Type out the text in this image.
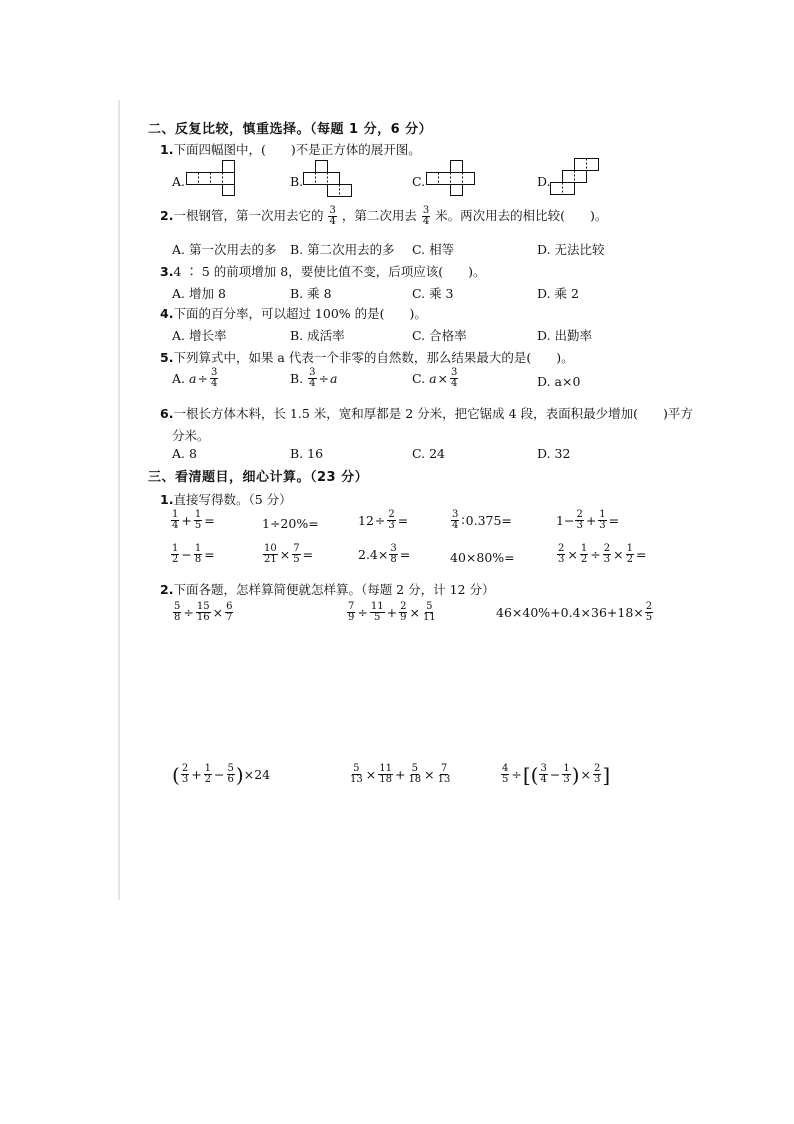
二、反复比较，慎重选择。（每题 1 分，6 分）
1.下面四幅图中，(　　)不是正方体的展开图。
A.	B.	C.	D.
2.一根钢管，第一次用去它的 $\frac{3}{4}$ ，第二次用去 $\frac{3}{4}$ 米。两次用去的相比较(　　)。
A. 第一次用去的多 B. 第二次用去的多 C. 相等	D. 无法比较
3.4 ∶ 5 的前项增加 8，要使比值不变，后项应该(　　)。
A. 增加 8	B. 乘 8	C. 乘 3	D. 乘 2
4.下面的百分率，可以超过 100% 的是(　　)。
A. 增长率	B. 成活率	C. 合格率	D. 出勤率
5.下列算式中，如果 a 代表一个非零的自然数，那么结果最大的是(　　)。
A.
$a \div \frac{3}{4}$	B.
$\frac{3}{4} \div a$	C.
$a \times \frac{3}{4}$	D. a×0
6.一根长方体木料，长 1.5 米，宽和厚都是 2 分米，把它锯成 4 段，表面积最少增加(　　)平方
分米。
A. 8	B. 16	C. 24	D. 32
三、看清题目，细心计算。（23 分）
1.直接写得数。（5 分）
$\frac{1}{4} + \frac{1}{5}$ =	1÷20%=	$12 \div \frac{2}{3}$ =	$\frac{3}{4}$ ∶ 0.375=	$1- \frac{2}{3} + \frac{1}{3}$ =
$\frac{1}{2} - \frac{1}{8}$ =	$\frac{10}{21} \times \frac{7}{5}$ =	$2.4\times \frac{3}{8}$ =	40×80%=	$\frac{2}{3} \times \frac{1}{2} \div \frac{2}{3} \times \frac{1}{2}$ =
2.下面各题，怎样算简便就怎样算。（每题 2 分，计 12 分）
$\frac{5}{8} \div \frac{15}{16} \times \frac{6}{7}$	$\frac{7}{9} \div \frac{11}{5} + \frac{2}{9} \times \frac{5}{11}$	$46\times 40\%+0.4\times 36+18\times \frac{2}{5}$
( $\frac{2}{3} + \frac{1}{2} - \frac{5}{6}$ ) ×24	$\frac{5}{13} \times \frac{11}{18} + \frac{5}{18} \times \frac{7}{13}$	$\frac{4}{5}$ ÷ [ ( $\frac{3}{4} - \frac{1}{3}$ ) × $\frac{2}{3}$ ]
